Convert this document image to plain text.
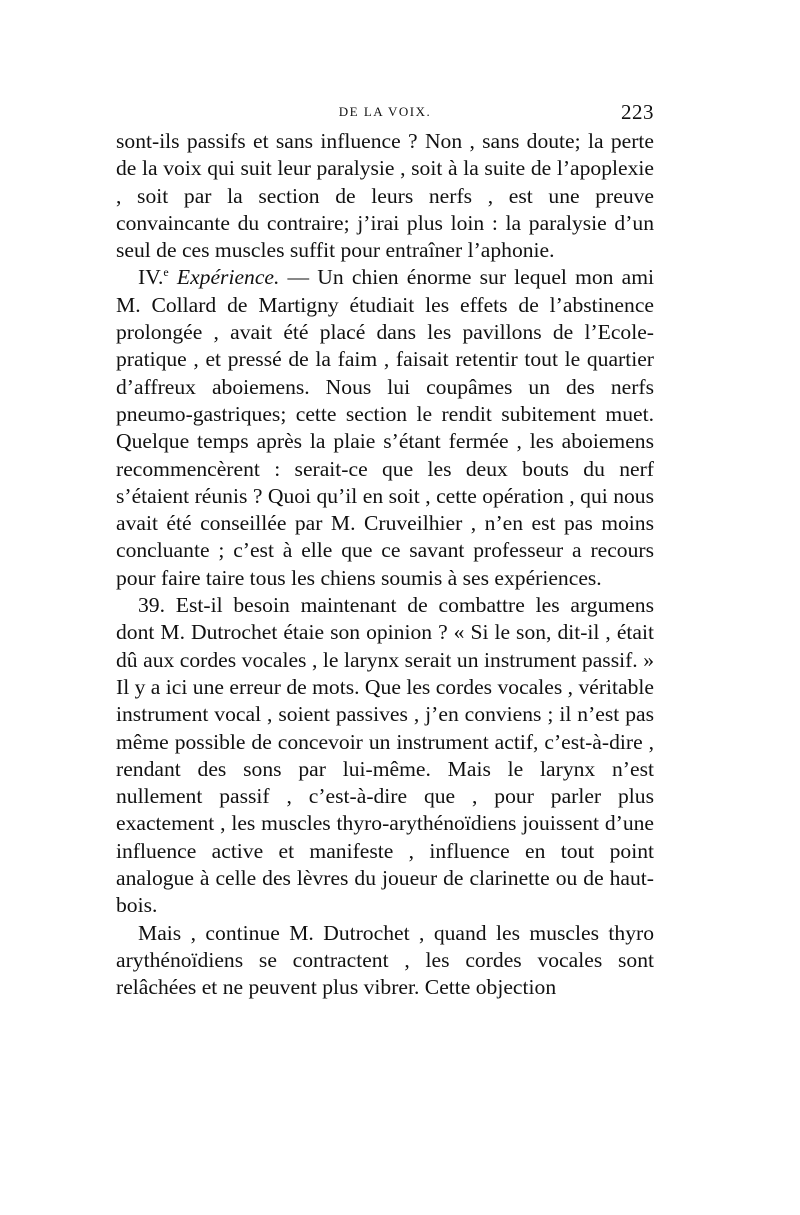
DE LA VOIX.	223

sont-ils passifs et sans influence ? Non , sans doute; la perte de la voix qui suit leur paralysie , soit à la suite de l’apoplexie , soit par la section de leurs nerfs , est une preuve convaincante du contraire; j’irai plus loin : la paralysie d’un seul de ces muscles suffit pour entraîner l’aphonie.

IV.$^e$ Expérience. — Un chien énorme sur lequel mon ami M. Collard de Martigny étudiait les effets de l’abstinence prolongée , avait été placé dans les pavillons de l’Ecole-pratique , et pressé de la faim , faisait retentir tout le quartier d’affreux aboiemens. Nous lui coupâmes un des nerfs pneumo-gastriques; cette section le rendit subitement muet. Quelque temps après la plaie s’étant fermée , les aboiemens recommencèrent : serait-ce que les deux bouts du nerf s’étaient réunis ? Quoi qu’il en soit , cette opération , qui nous avait été conseillée par M. Cruveilhier , n’en est pas moins concluante ; c’est à elle que ce savant professeur a recours pour faire taire tous les chiens soumis à ses expériences.

39. Est-il besoin maintenant de combattre les argumens dont M. Dutrochet étaie son opinion ? « Si le son, dit-il , était dû aux cordes vocales , le larynx serait un instrument passif. » Il y a ici une erreur de mots. Que les cordes vocales , véritable instrument vocal , soient passives , j’en conviens ; il n’est pas même possible de concevoir un instrument actif, c’est-à-dire , rendant des sons par lui-même. Mais le larynx n’est nullement passif , c’est-à-dire que , pour parler plus exactement , les muscles thyro-arythénoïdiens jouissent d’une influence active et manifeste , influence en tout point analogue à celle des lèvres du joueur de clarinette ou de haut-bois.

Mais , continue M. Dutrochet , quand les muscles thyro arythénoïdiens se contractent , les cordes vocales sont relâchées et ne peuvent plus vibrer. Cette objection
